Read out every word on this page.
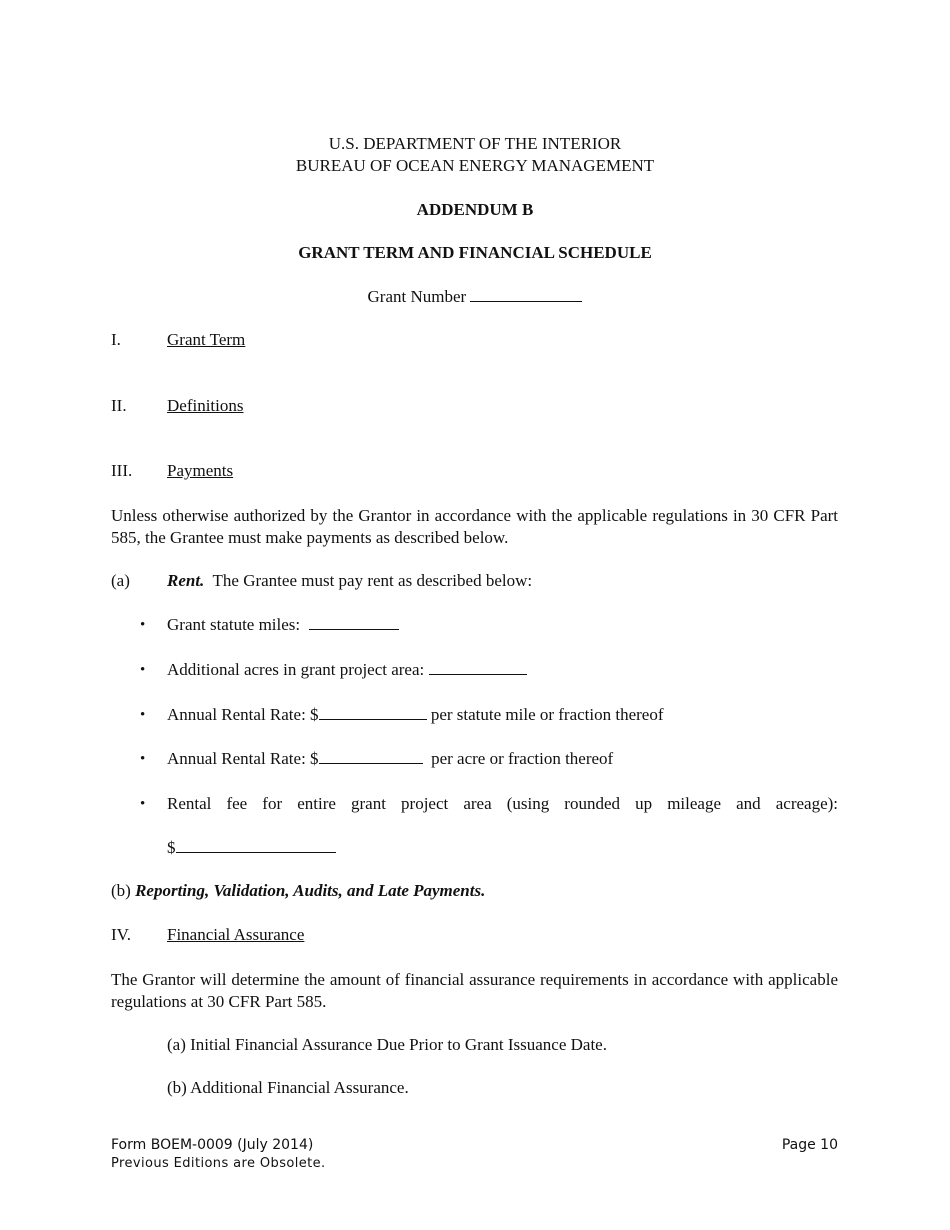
U.S. DEPARTMENT OF THE INTERIOR
BUREAU OF OCEAN ENERGY MANAGEMENT
ADDENDUM B
GRANT TERM AND FINANCIAL SCHEDULE
Grant Number
I.	Grant Term
II. Definitions
III. Payments
Unless otherwise authorized by the Grantor in accordance with the applicable regulations in 30 CFR Part 585, the Grantee must make payments as described below.
(a) Rent. The Grantee must pay rent as described below:
• Grant statute miles:
• Additional acres in grant project area:
• Annual Rental Rate: $	per statute mile or fraction thereof
• Annual Rental Rate: $	per acre or fraction thereof
• Rental fee for entire grant project area (using rounded up mileage and acreage):
$
(b) Reporting, Validation, Audits, and Late Payments.
IV. Financial Assurance
The Grantor will determine the amount of financial assurance requirements in accordance with applicable regulations at 30 CFR Part 585.
(a) Initial Financial Assurance Due Prior to Grant Issuance Date.
(b) Additional Financial Assurance.
Form BOEM-0009 (July 2014)
Previous Editions are Obsolete.
Page 10
